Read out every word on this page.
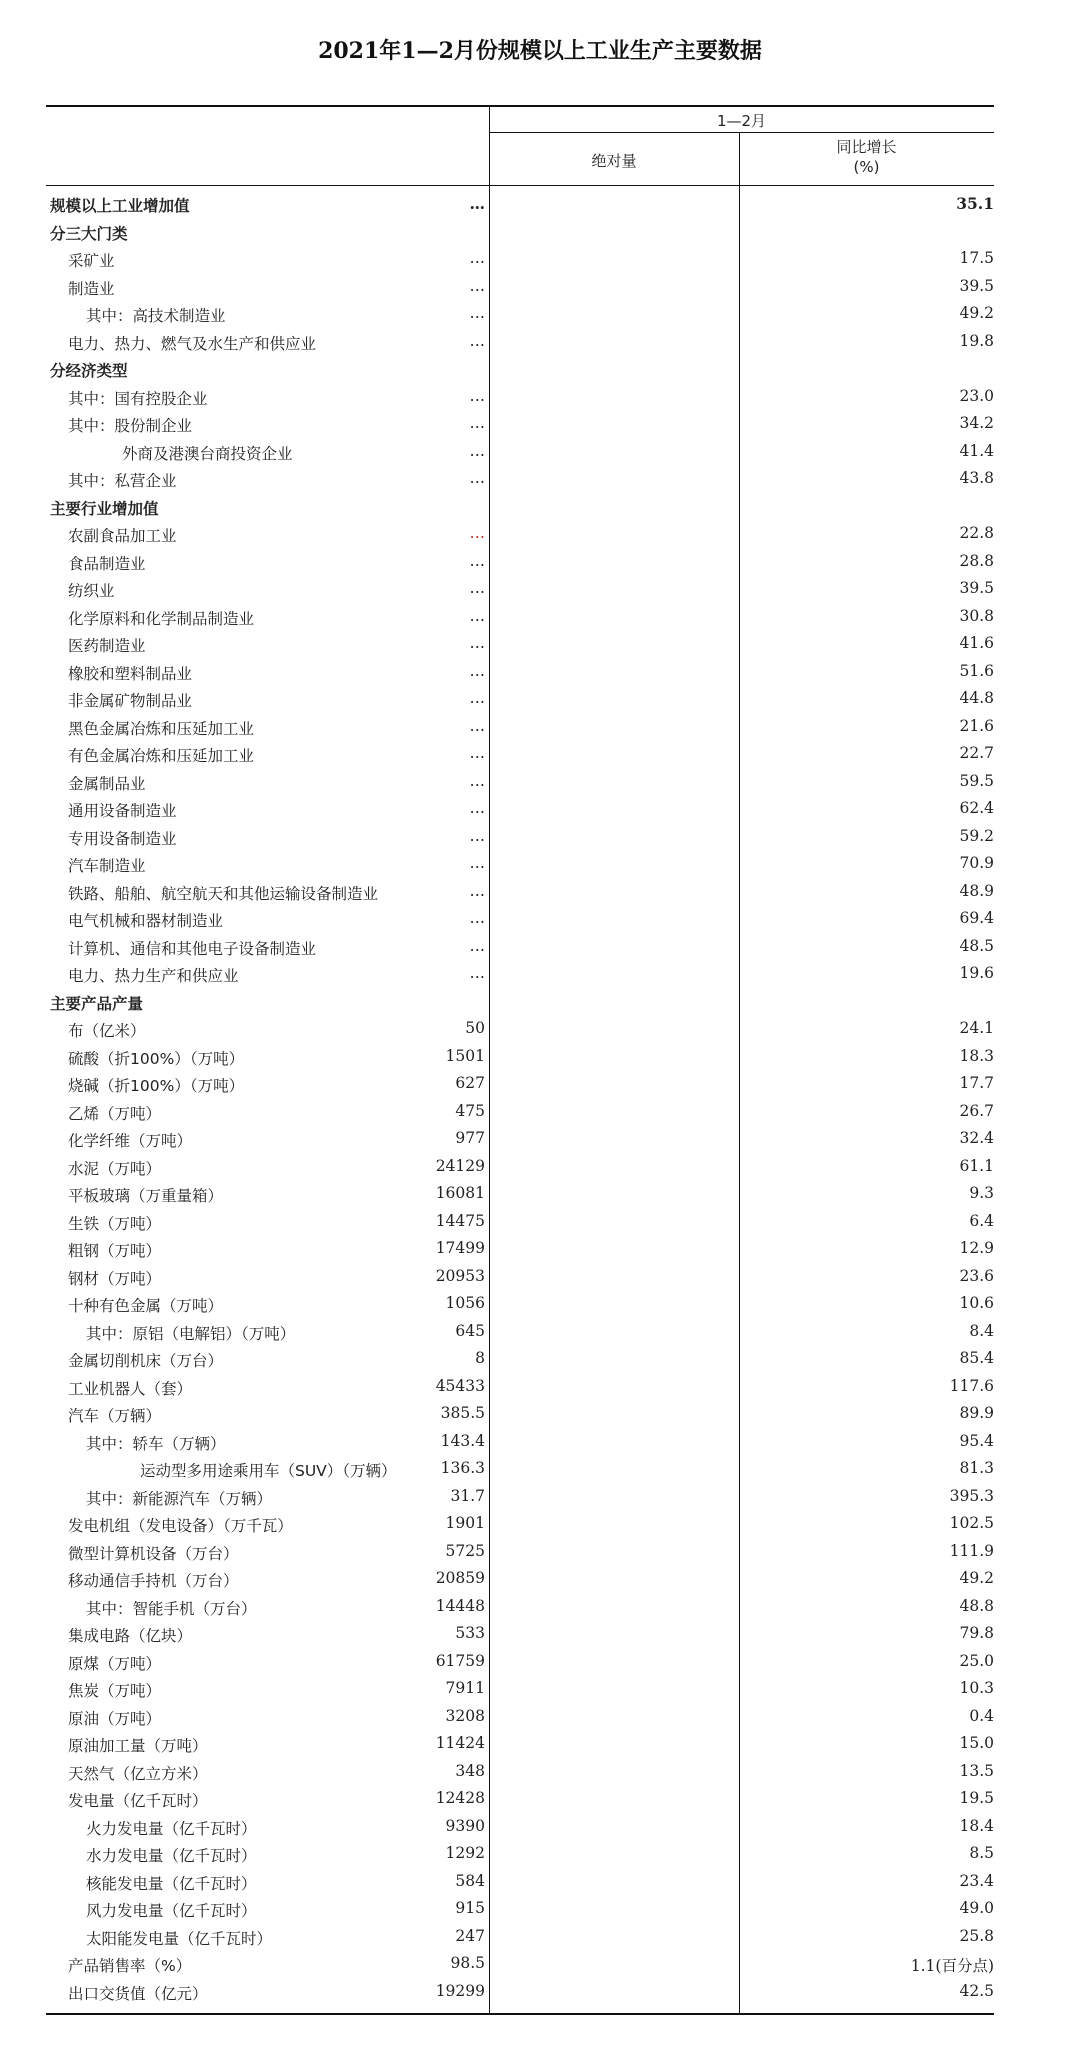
2021年1—2月份规模以上工业生产主要数据
1—2月
绝对量
同比增长
(%)
规模以上工业增加值	…	35.1
分三大门类
采矿业	…	17.5
制造业	…	39.5
其中：高技术制造业	…	49.2
电力、热力、燃气及水生产和供应业	…	19.8
分经济类型
其中：国有控股企业	…	23.0
其中：股份制企业	…	34.2
外商及港澳台商投资企业	…	41.4
其中：私营企业	…	43.8
主要行业增加值
农副食品加工业	…	22.8
食品制造业	…	28.8
纺织业	…	39.5
化学原料和化学制品制造业	…	30.8
医药制造业	…	41.6
橡胶和塑料制品业	…	51.6
非金属矿物制品业	…	44.8
黑色金属冶炼和压延加工业	…	21.6
有色金属冶炼和压延加工业	…	22.7
金属制品业	…	59.5
通用设备制造业	…	62.4
专用设备制造业	…	59.2
汽车制造业	…	70.9
铁路、船舶、航空航天和其他运输设备制造业	…	48.9
电气机械和器材制造业	…	69.4
计算机、通信和其他电子设备制造业	…	48.5
电力、热力生产和供应业	…	19.6
主要产品产量
布（亿米）	50	24.1
硫酸（折100%）（万吨）	1501	18.3
烧碱（折100%）（万吨）	627	17.7
乙烯（万吨）	475	26.7
化学纤维（万吨）	977	32.4
水泥（万吨）	24129	61.1
平板玻璃（万重量箱）	16081	9.3
生铁（万吨）	14475	6.4
粗钢（万吨）	17499	12.9
钢材（万吨）	20953	23.6
十种有色金属（万吨）	1056	10.6
其中：原铝（电解铝）（万吨）	645	8.4
金属切削机床（万台）	8	85.4
工业机器人（套）	45433	117.6
汽车（万辆）	385.5	89.9
其中：轿车（万辆）	143.4	95.4
运动型多用途乘用车（SUV）（万辆）	136.3	81.3
其中：新能源汽车（万辆）	31.7	395.3
发电机组（发电设备）（万千瓦）	1901	102.5
微型计算机设备（万台）	5725	111.9
移动通信手持机（万台）	20859	49.2
其中：智能手机（万台）	14448	48.8
集成电路（亿块）	533	79.8
原煤（万吨）	61759	25.0
焦炭（万吨）	7911	10.3
原油（万吨）	3208	0.4
原油加工量（万吨）	11424	15.0
天然气（亿立方米）	348	13.5
发电量（亿千瓦时）	12428	19.5
火力发电量（亿千瓦时）	9390	18.4
水力发电量（亿千瓦时）	1292	8.5
核能发电量（亿千瓦时）	584	23.4
风力发电量（亿千瓦时）	915	49.0
太阳能发电量（亿千瓦时）	247	25.8
产品销售率（%）	98.5	1.1(百分点)
出口交货值（亿元）	19299	42.5
